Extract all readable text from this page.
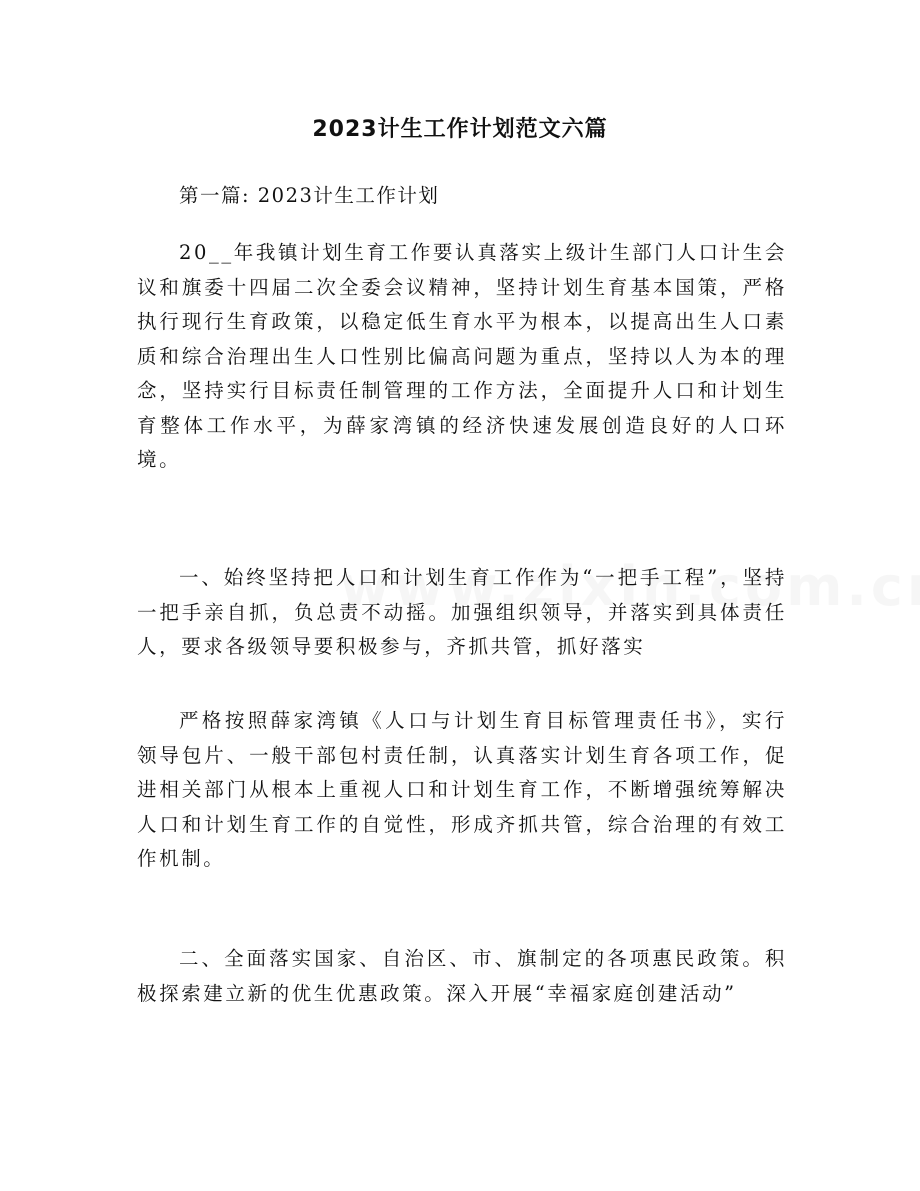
2023计生工作计划范文六篇
第一篇: 2023计生工作计划

20__年我镇计划生育工作要认真落实上级计生部门人口计生会议和旗委十四届二次全委会议精神，坚持计划生育基本国策，严格执行现行生育政策，以稳定低生育水平为根本，以提高出生人口素质和综合治理出生人口性别比偏高问题为重点，坚持以人为本的理念，坚持实行目标责任制管理的工作方法，全面提升人口和计划生育整体工作水平，为薛家湾镇的经济快速发展创造良好的人口环境。

一、始终坚持把人口和计划生育工作作为“一把手工程”，坚持一把手亲自抓，负总责不动摇。加强组织领导，并落实到具体责任人，要求各级领导要积极参与，齐抓共管，抓好落实

严格按照薛家湾镇《人口与计划生育目标管理责任书》，实行领导包片、一般干部包村责任制，认真落实计划生育各项工作，促进相关部门从根本上重视人口和计划生育工作，不断增强统筹解决人口和计划生育工作的自觉性，形成齐抓共管，综合治理的有效工作机制。

二、全面落实国家、自治区、市、旗制定的各项惠民政策。积极探索建立新的优生优惠政策。深入开展“幸福家庭创建活动”
